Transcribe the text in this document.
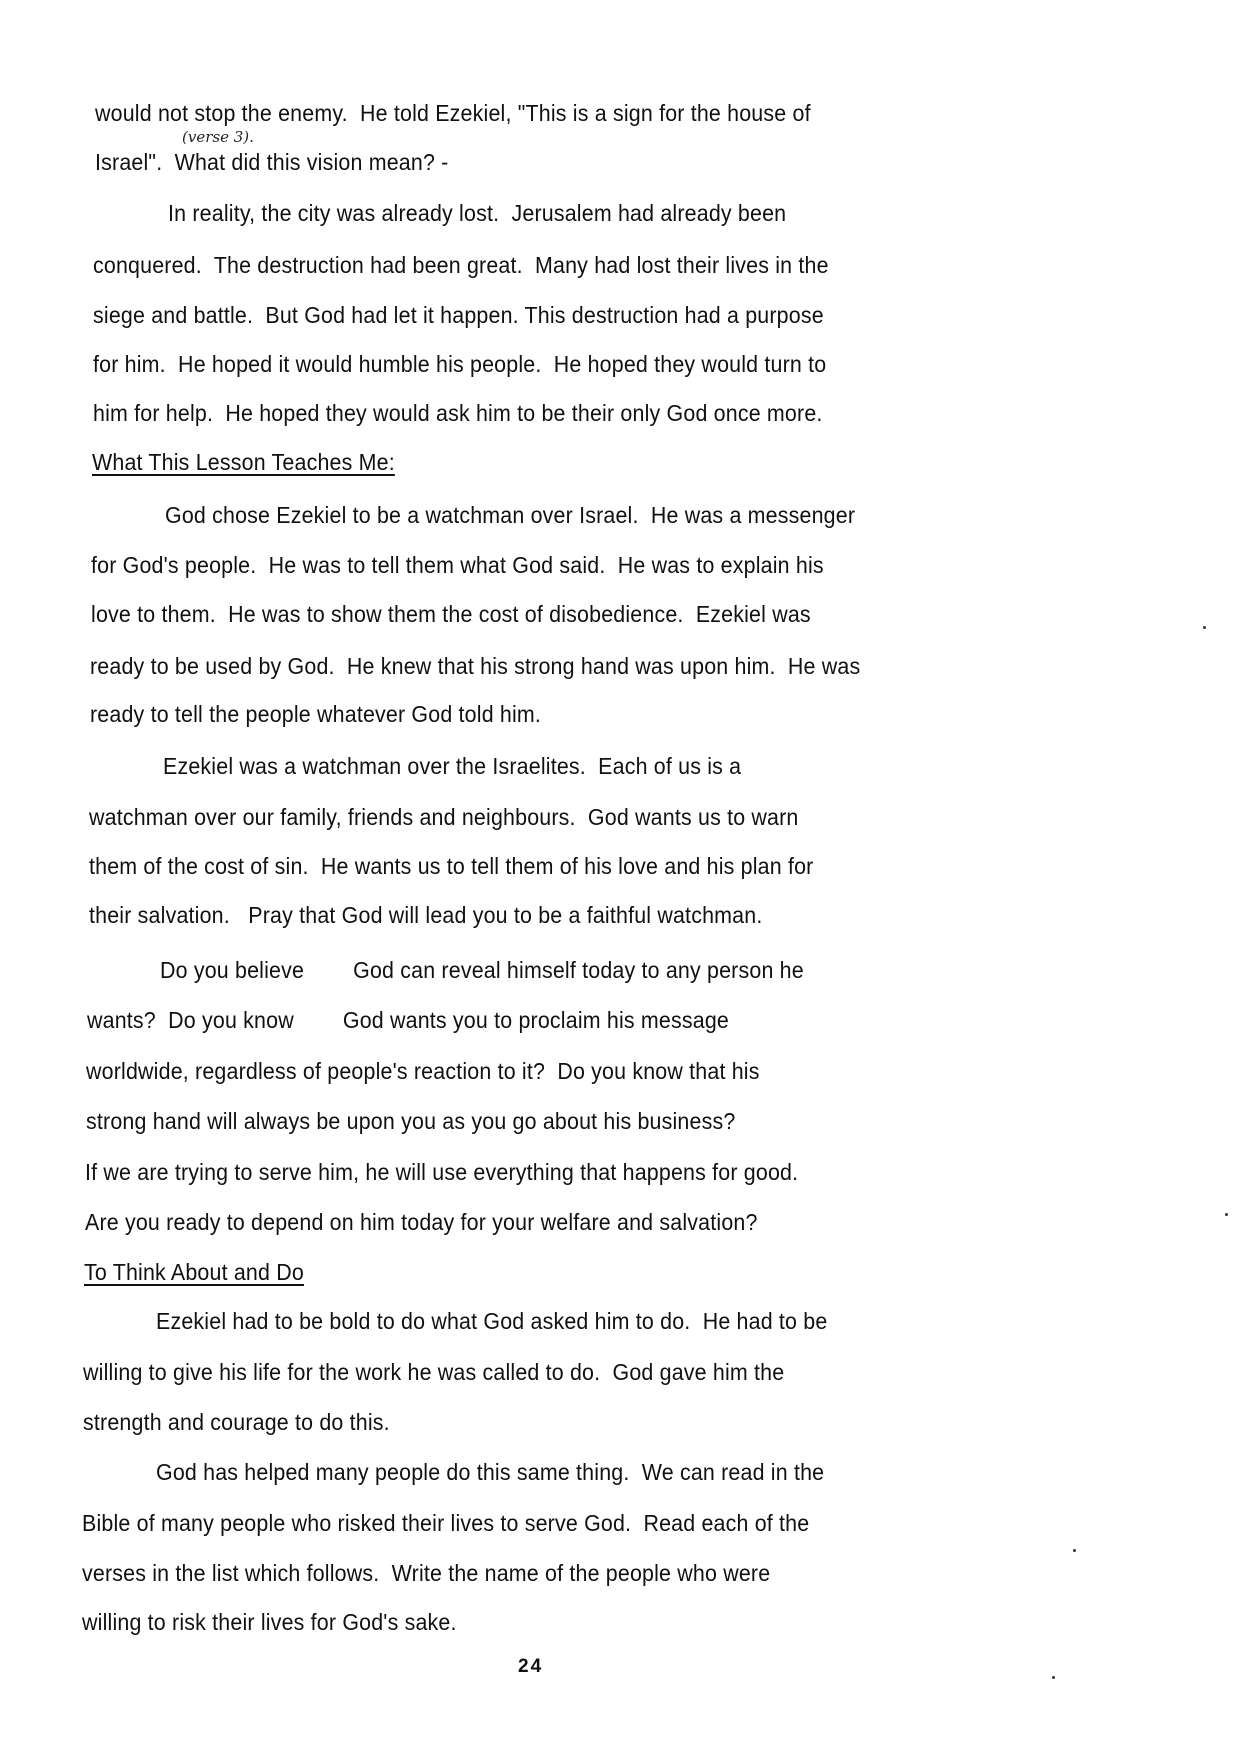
(verse 3).
would not stop the enemy.  He told Ezekiel, "This is a sign for the house of
Israel".  What did this vision mean? -
In reality, the city was already lost.  Jerusalem had already been
conquered.  The destruction had been great.  Many had lost their lives in the
siege and battle.  But God had let it happen. This destruction had a purpose
for him.  He hoped it would humble his people.  He hoped they would turn to
him for help.  He hoped they would ask him to be their only God once more.
What This Lesson Teaches Me:
God chose Ezekiel to be a watchman over Israel.  He was a messenger
for God's people.  He was to tell them what God said.  He was to explain his
love to them.  He was to show them the cost of disobedience.  Ezekiel was
ready to be used by God.  He knew that his strong hand was upon him.  He was
ready to tell the people whatever God told him.
Ezekiel was a watchman over the Israelites.  Each of us is a
watchman over our family, friends and neighbours.  God wants us to warn
them of the cost of sin.  He wants us to tell them of his love and his plan for
their salvation.   Pray that God will lead you to be a faithful watchman.
Do you believe        God can reveal himself today to any person he
wants?  Do you know        God wants you to proclaim his message
worldwide, regardless of people's reaction to it?  Do you know that his
strong hand will always be upon you as you go about his business?
If we are trying to serve him, he will use everything that happens for good.
Are you ready to depend on him today for your welfare and salvation?
To Think About and Do
Ezekiel had to be bold to do what God asked him to do.  He had to be
willing to give his life for the work he was called to do.  God gave him the
strength and courage to do this.
God has helped many people do this same thing.  We can read in the
Bible of many people who risked their lives to serve God.  Read each of the
verses in the list which follows.  Write the name of the people who were
willing to risk their lives for God's sake.
24
